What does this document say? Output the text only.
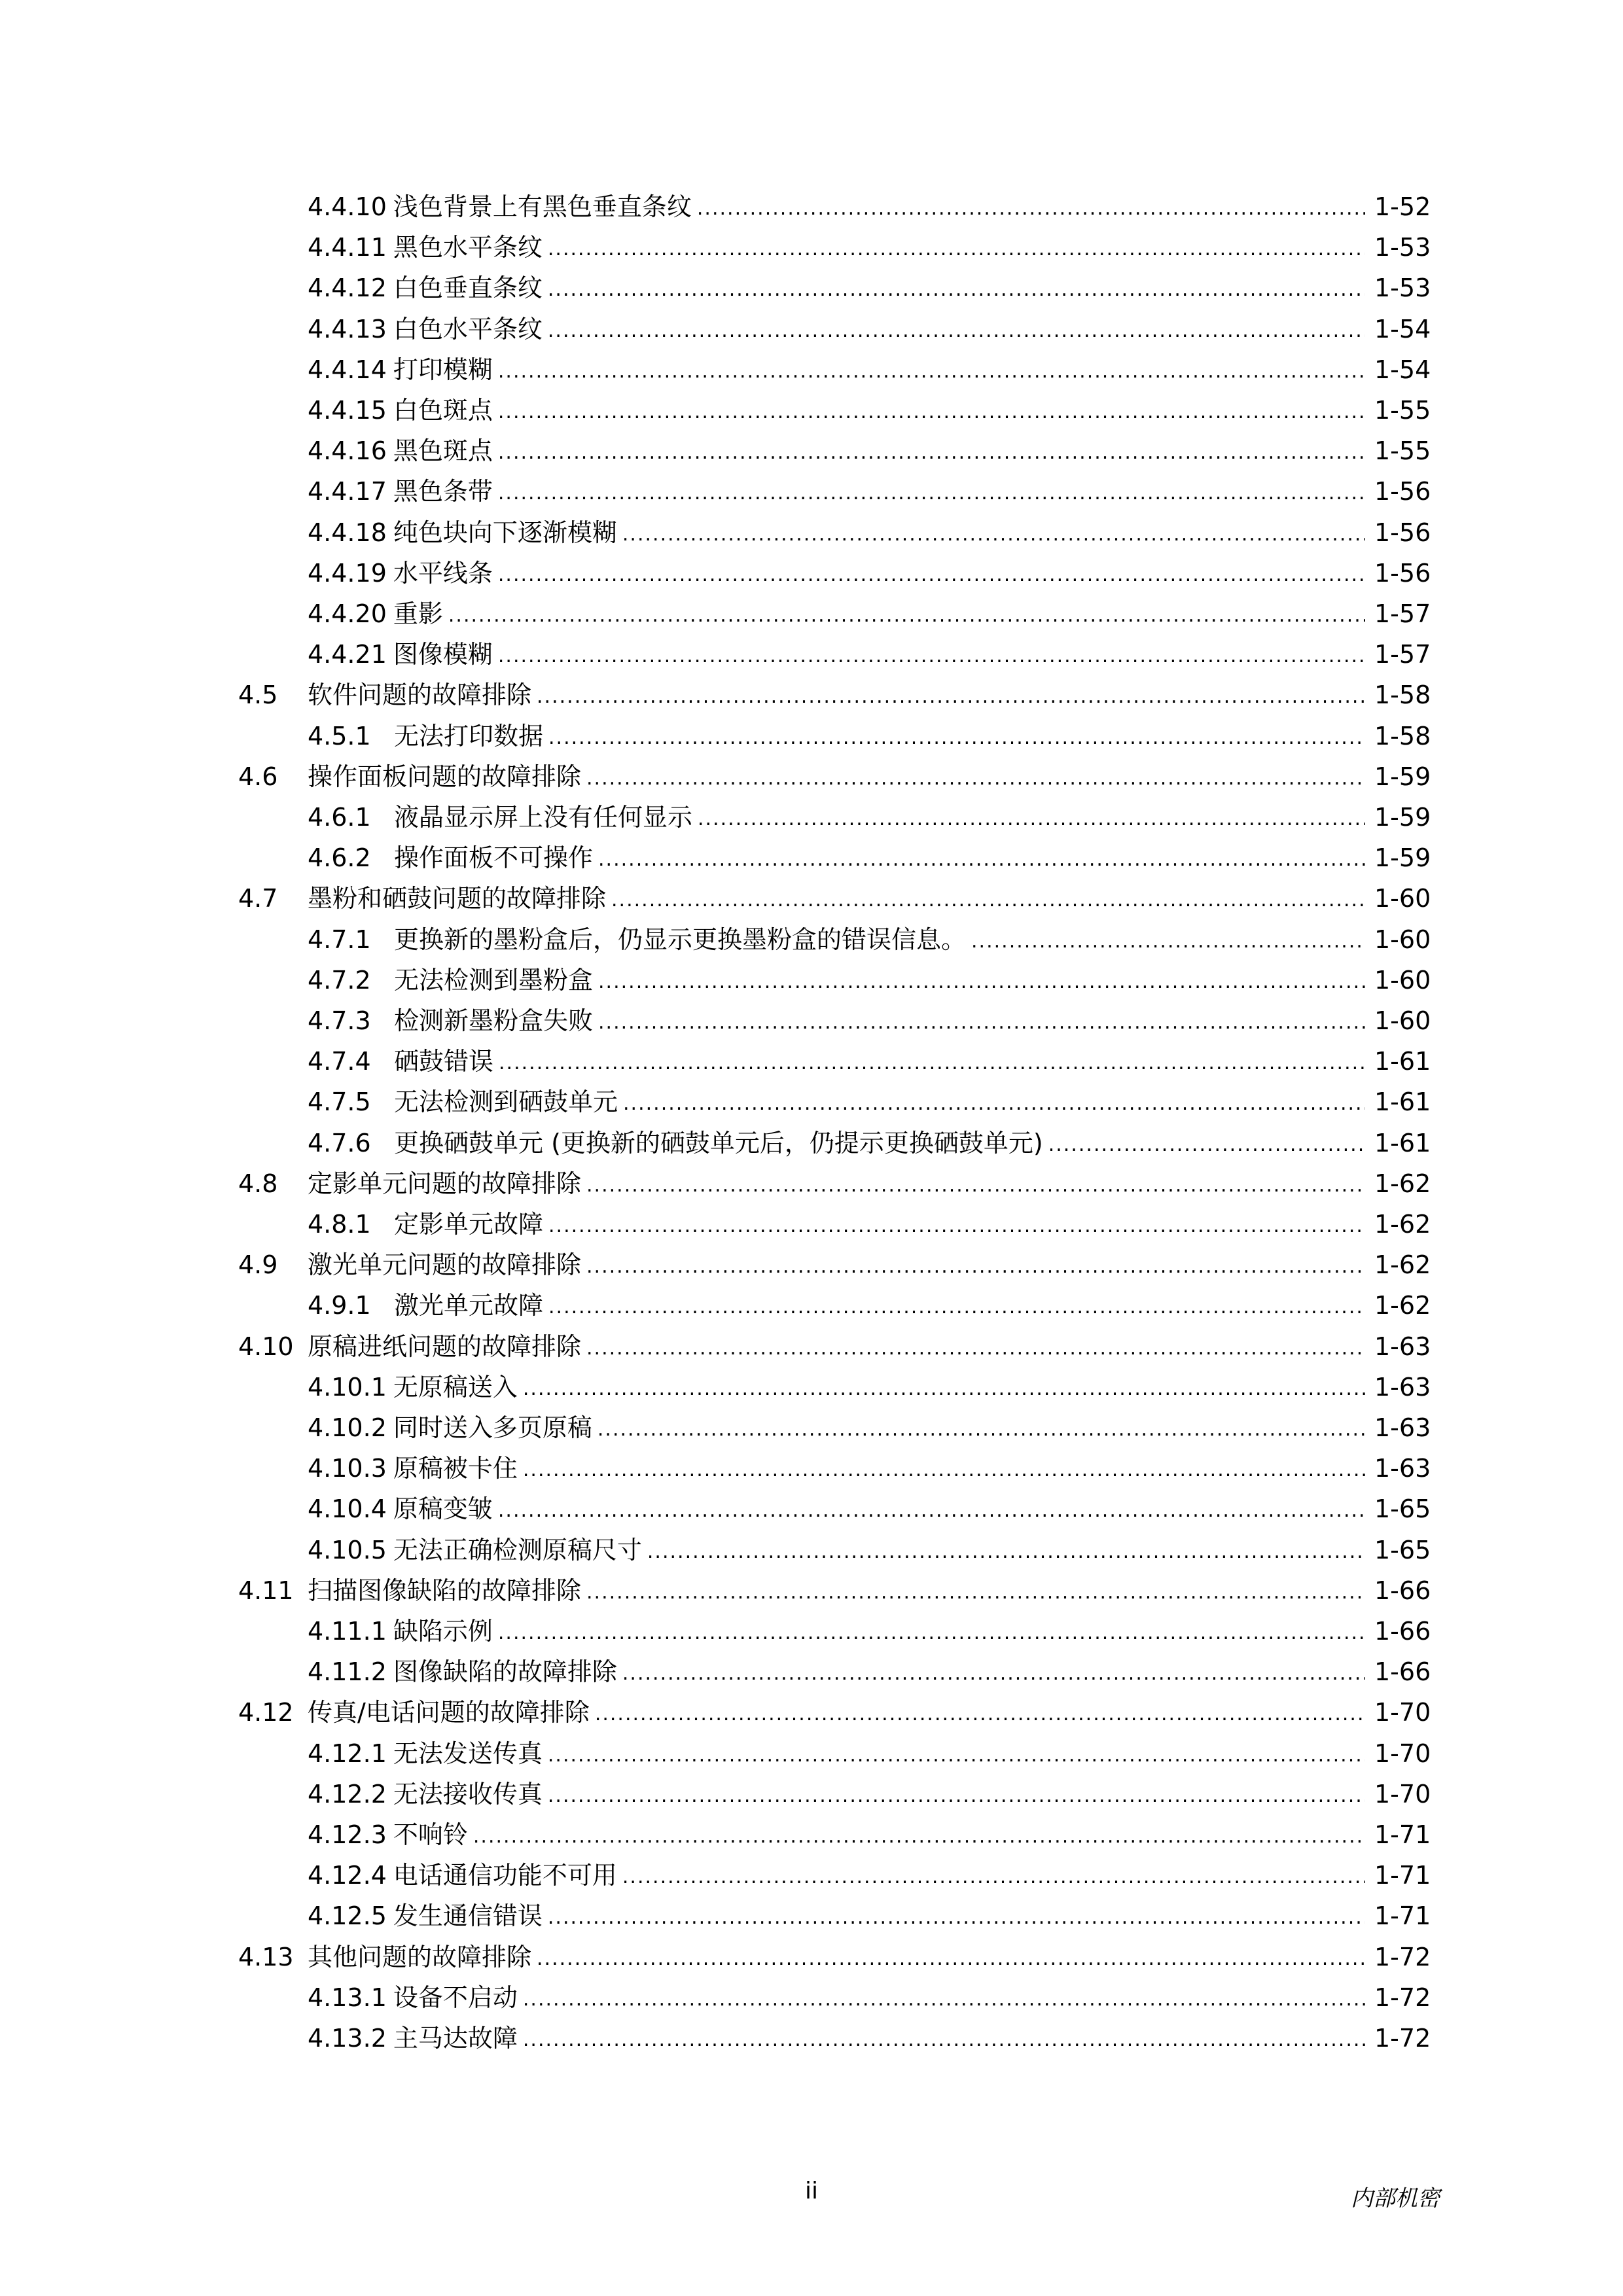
4.4.10 浅色背景上有黑色垂直条纹 .....	1-52
4.4.11 黑色水平条纹 .....	1-53
4.4.12 白色垂直条纹 .....	1-53
4.4.13 白色水平条纹 .....	1-54
4.4.14 打印模糊 .....	1-54
4.4.15 白色斑点 .....	1-55
4.4.16 黑色斑点 .....	1-55
4.4.17 黑色条带 .....	1-56
4.4.18 纯色块向下逐渐模糊 .....	1-56
4.4.19 水平线条 .....	1-56
4.4.20 重影 .....	1-57
4.4.21 图像模糊 .....	1-57
4.5	软件问题的故障排除 .....	1-58
4.5.1 无法打印数据 .....	1-58
4.6	操作面板问题的故障排除 .....	1-59
4.6.1 液晶显示屏上没有任何显示 .....	1-59
4.6.2 操作面板不可操作 .....	1-59
4.7	墨粉和硒鼓问题的故障排除 .....	1-60
4.7.1 更换新的墨粉盒后，仍显示更换墨粉盒的错误信息。 .....	1-60
4.7.2 无法检测到墨粉盒 .....	1-60
4.7.3 检测新墨粉盒失败 .....	1-60
4.7.4 硒鼓错误 .....	1-61
4.7.5 无法检测到硒鼓单元 .....	1-61
4.7.6 更换硒鼓单元 (更换新的硒鼓单元后，仍提示更换硒鼓单元) .....	1-61
4.8	定影单元问题的故障排除 .....	1-62
4.8.1 定影单元故障 .....	1-62
4.9	激光单元问题的故障排除 .....	1-62
4.9.1 激光单元故障 .....	1-62
4.10 原稿进纸问题的故障排除 .....	1-63
4.10.1 无原稿送入 .....	1-63
4.10.2 同时送入多页原稿 .....	1-63
4.10.3 原稿被卡住 .....	1-63
4.10.4 原稿变皱 .....	1-65
4.10.5 无法正确检测原稿尺寸 .....	1-65
4.11 扫描图像缺陷的故障排除 .....	1-66
4.11.1 缺陷示例 .....	1-66
4.11.2 图像缺陷的故障排除 .....	1-66
4.12 传真/电话问题的故障排除 .....	1-70
4.12.1 无法发送传真 .....	1-70
4.12.2 无法接收传真 .....	1-70
4.12.3 不响铃 .....	1-71
4.12.4 电话通信功能不可用 .....	1-71
4.12.5 发生通信错误 .....	1-71
4.13 其他问题的故障排除 .....	1-72
4.13.1 设备不启动 .....	1-72
4.13.2 主马达故障 .....	1-72
ii	内部机密
